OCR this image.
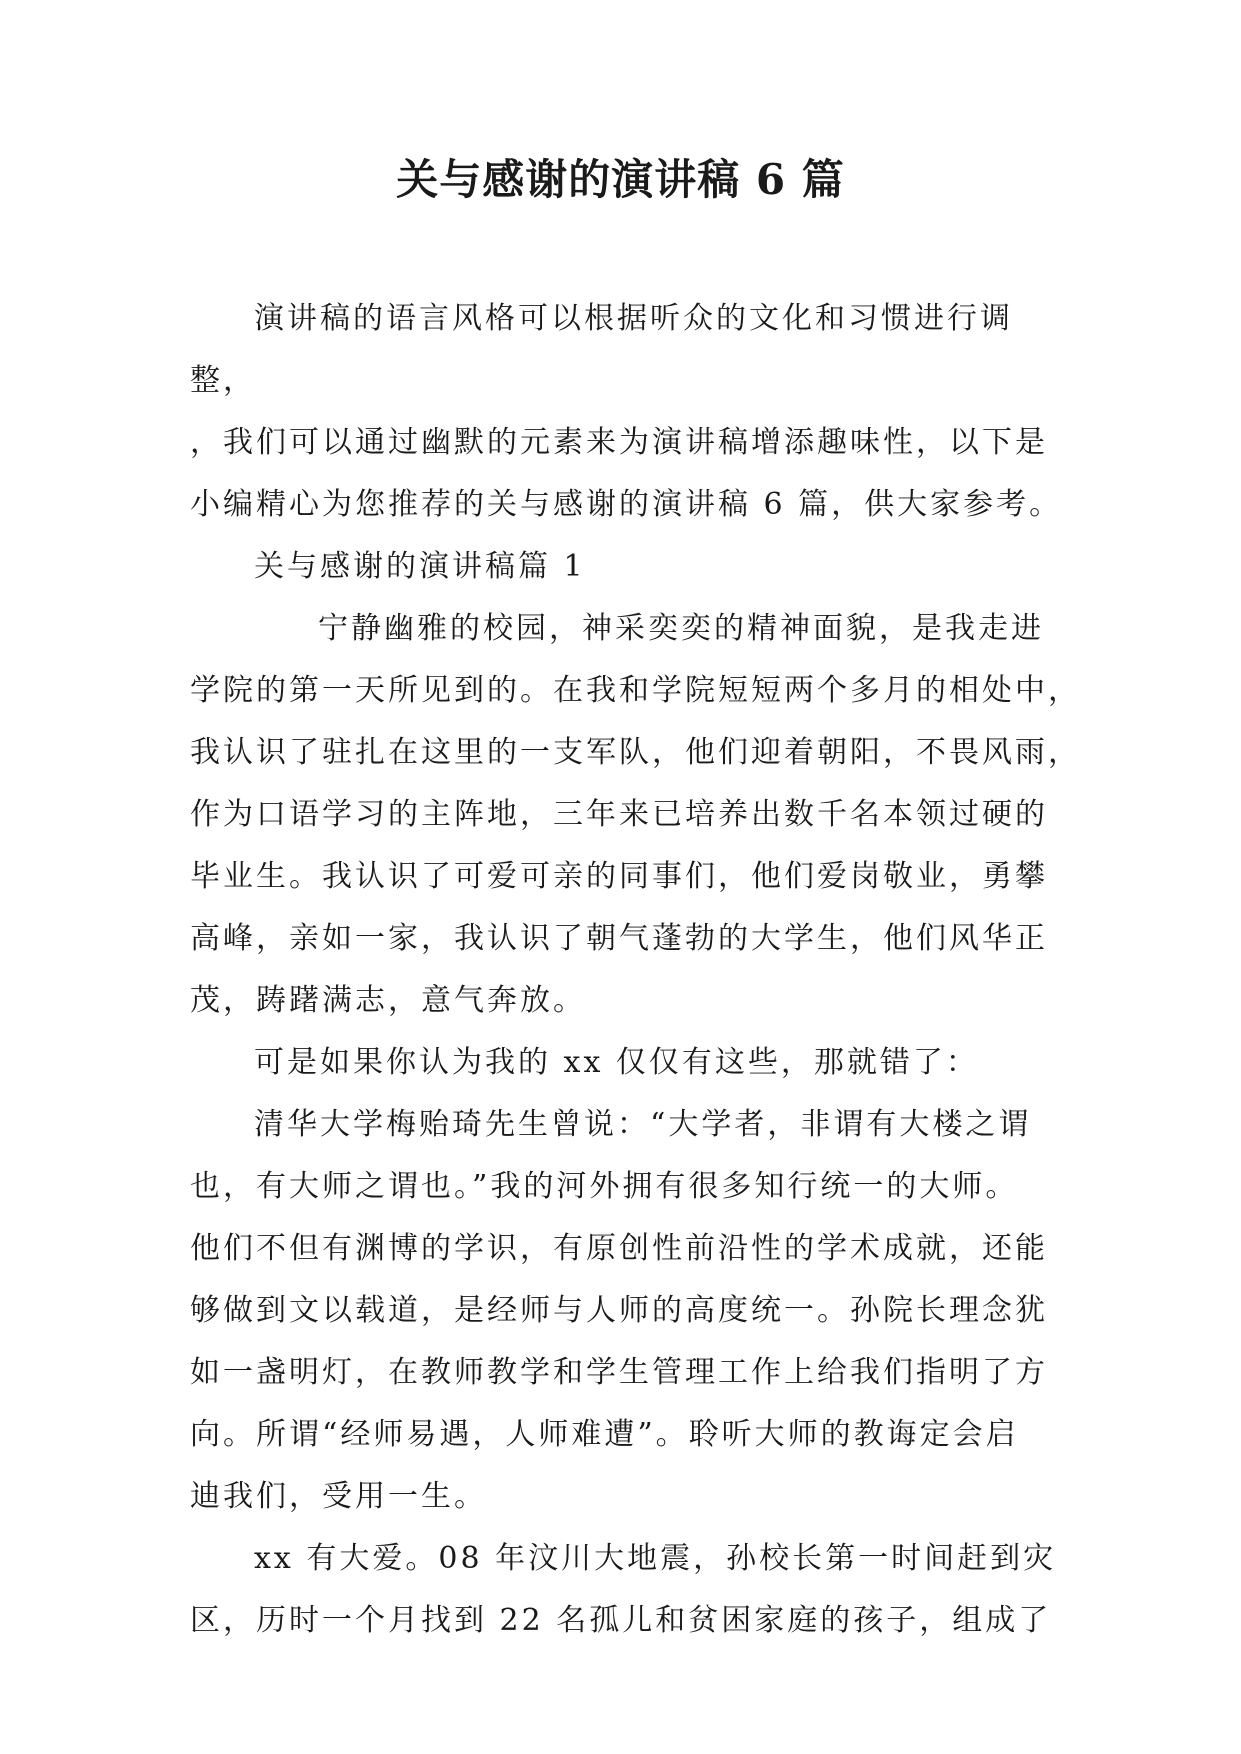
关与感谢的演讲稿 6 篇
演讲稿的语言风格可以根据听众的文化和习惯进行调
整，
，我们可以通过幽默的元素来为演讲稿增添趣味性，以下是
小编精心为您推荐的关与感谢的演讲稿 6 篇，供大家参考。
关与感谢的演讲稿篇 1
宁静幽雅的校园，神采奕奕的精神面貌，是我走进
学院的第一天所见到的。在我和学院短短两个多月的相处中，
我认识了驻扎在这里的一支军队，他们迎着朝阳，不畏风雨，
作为口语学习的主阵地，三年来已培养出数千名本领过硬的
毕业生。我认识了可爱可亲的同事们，他们爱岗敬业，勇攀
高峰，亲如一家，我认识了朝气蓬勃的大学生，他们风华正
茂，踌躇满志，意气奔放。
可是如果你认为我的 xx 仅仅有这些，那就错了：
清华大学梅贻琦先生曾说：“大学者，非谓有大楼之谓
也，有大师之谓也。”我的河外拥有很多知行统一的大师。
他们不但有渊博的学识，有原创性前沿性的学术成就，还能
够做到文以载道，是经师与人师的高度统一。孙院长理念犹
如一盏明灯，在教师教学和学生管理工作上给我们指明了方
向。所谓“经师易遇，人师难遭”。聆听大师的教诲定会启
迪我们，受用一生。
xx 有大爱。08 年汶川大地震，孙校长第一时间赶到灾
区，历时一个月找到 22 名孤儿和贫困家庭的孩子，组成了
